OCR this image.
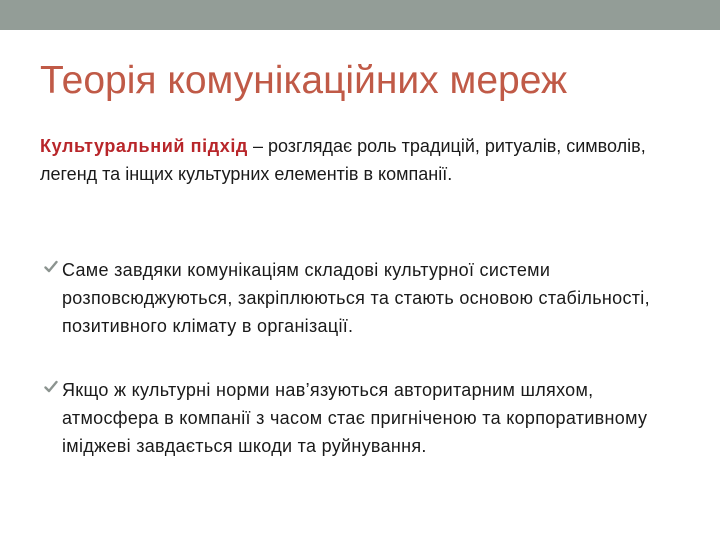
Теорія комунікаційних мереж

Культуральний підхід – розглядає роль традицій, ритуалів, символів, легенд та інщих культурних елементів в компанії.

Саме завдяки комунікаціям складові культурної системи розповсюджуються, закріплюються та стають основою стабільності, позитивного клімату в організації.

Якщо ж культурні норми нав’язуються авторитарним шляхом, атмосфера в компанії з часом стає пригніченою та корпоративному іміджеві завдається шкоди та руйнування.
